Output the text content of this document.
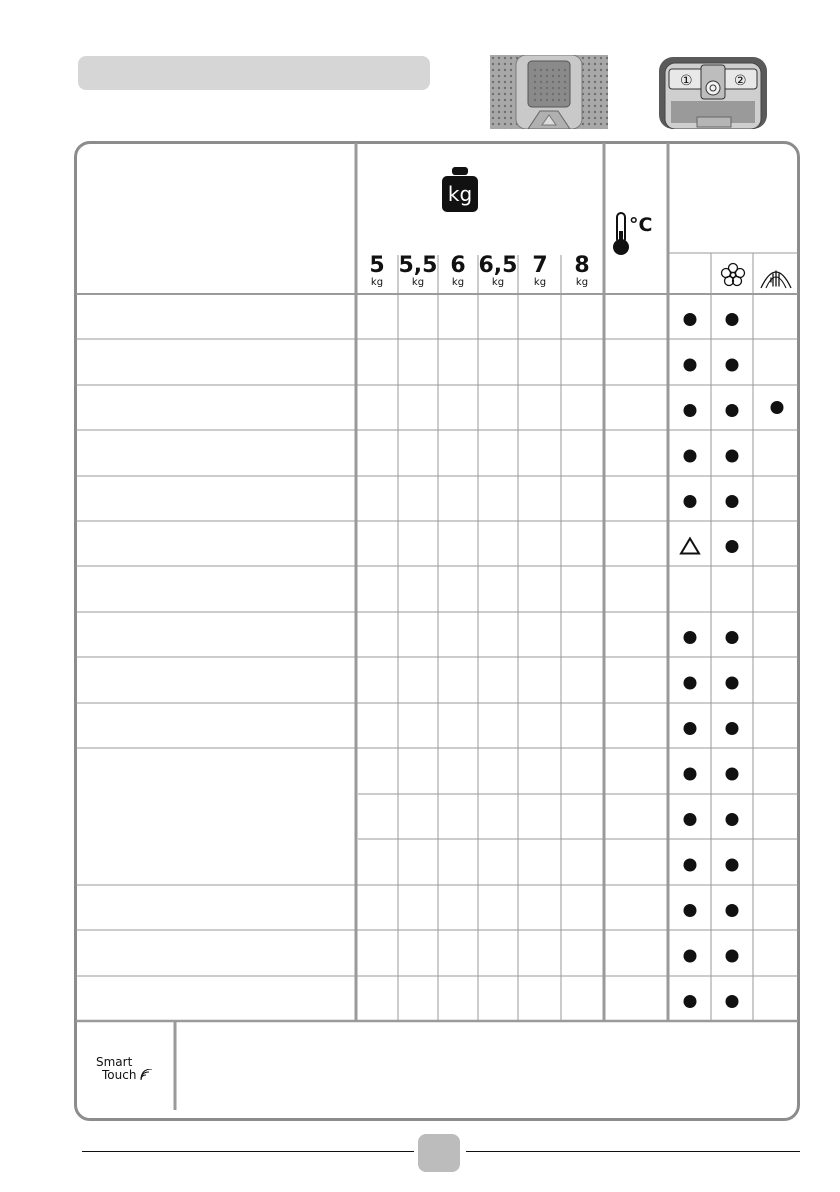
①	②
kg
°C
5
kg
5,5
kg
6
kg
6,5
kg
7
kg
8
kg
Smart
Touch
